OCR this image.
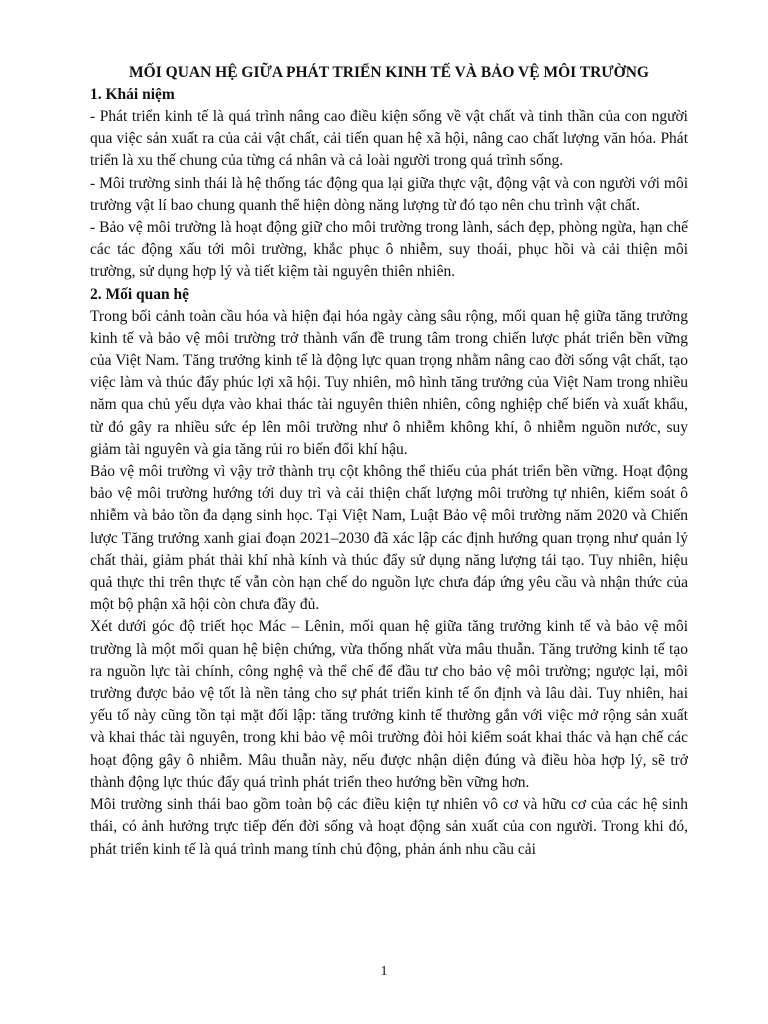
MỐI QUAN HỆ GIỮA PHÁT TRIỂN KINH TẾ VÀ BẢO VỆ MÔI TRƯỜNG
1. Khái niệm

- Phát triển kinh tế là quá trình nâng cao điều kiện sống về vật chất và tinh thần của con người qua việc sản xuất ra của cải vật chất, cải tiến quan hệ xã hội, nâng cao chất lượng văn hóa. Phát triển là xu thế chung của từng cá nhân và cả loài người trong quá trình sống.

- Môi trường sinh thái là hệ thống tác động qua lại giữa thực vật, động vật và con người với môi trường vật lí bao chung quanh thể hiện dòng năng lượng từ đó tạo nên chu trình vật chất.

- Bảo vệ môi trường là hoạt động giữ cho môi trường trong lành, sách đẹp, phòng ngừa, hạn chế các tác động xấu tới môi trường, khắc phục ô nhiễm, suy thoái, phục hồi và cải thiện môi trường, sử dụng hợp lý và tiết kiệm tài nguyên thiên nhiên.

2. Mối quan hệ

Trong bối cảnh toàn cầu hóa và hiện đại hóa ngày càng sâu rộng, mối quan hệ giữa tăng trưởng kinh tế và bảo vệ môi trường trở thành vấn đề trung tâm trong chiến lược phát triển bền vững của Việt Nam. Tăng trưởng kinh tế là động lực quan trọng nhằm nâng cao đời sống vật chất, tạo việc làm và thúc đẩy phúc lợi xã hội. Tuy nhiên, mô hình tăng trưởng của Việt Nam trong nhiều năm qua chủ yếu dựa vào khai thác tài nguyên thiên nhiên, công nghiệp chế biến và xuất khẩu, từ đó gây ra nhiều sức ép lên môi trường như ô nhiễm không khí, ô nhiễm nguồn nước, suy giảm tài nguyên và gia tăng rủi ro biến đổi khí hậu.

Bảo vệ môi trường vì vậy trở thành trụ cột không thể thiếu của phát triển bền vững. Hoạt động bảo vệ môi trường hướng tới duy trì và cải thiện chất lượng môi trường tự nhiên, kiểm soát ô nhiễm và bảo tồn đa dạng sinh học. Tại Việt Nam, Luật Bảo vệ môi trường năm 2020 và Chiến lược Tăng trưởng xanh giai đoạn 2021–2030 đã xác lập các định hướng quan trọng như quản lý chất thải, giảm phát thải khí nhà kính và thúc đẩy sử dụng năng lượng tái tạo. Tuy nhiên, hiệu quả thực thi trên thực tế vẫn còn hạn chế do nguồn lực chưa đáp ứng yêu cầu và nhận thức của một bộ phận xã hội còn chưa đầy đủ.

Xét dưới góc độ triết học Mác – Lênin, mối quan hệ giữa tăng trưởng kinh tế và bảo vệ môi trường là một mối quan hệ biện chứng, vừa thống nhất vừa mâu thuẫn. Tăng trưởng kinh tế tạo ra nguồn lực tài chính, công nghệ và thể chế để đầu tư cho bảo vệ môi trường; ngược lại, môi trường được bảo vệ tốt là nền tảng cho sự phát triển kinh tế ổn định và lâu dài. Tuy nhiên, hai yếu tố này cũng tồn tại mặt đối lập: tăng trưởng kinh tế thường gắn với việc mở rộng sản xuất và khai thác tài nguyên, trong khi bảo vệ môi trường đòi hỏi kiểm soát khai thác và hạn chế các hoạt động gây ô nhiễm. Mâu thuẫn này, nếu được nhận diện đúng và điều hòa hợp lý, sẽ trở thành động lực thúc đẩy quá trình phát triển theo hướng bền vững hơn.

Môi trường sinh thái bao gồm toàn bộ các điều kiện tự nhiên vô cơ và hữu cơ của các hệ sinh thái, có ảnh hưởng trực tiếp đến đời sống và hoạt động sản xuất của con người. Trong khi đó, phát triển kinh tế là quá trình mang tính chủ động, phản ánh nhu cầu cải

1
